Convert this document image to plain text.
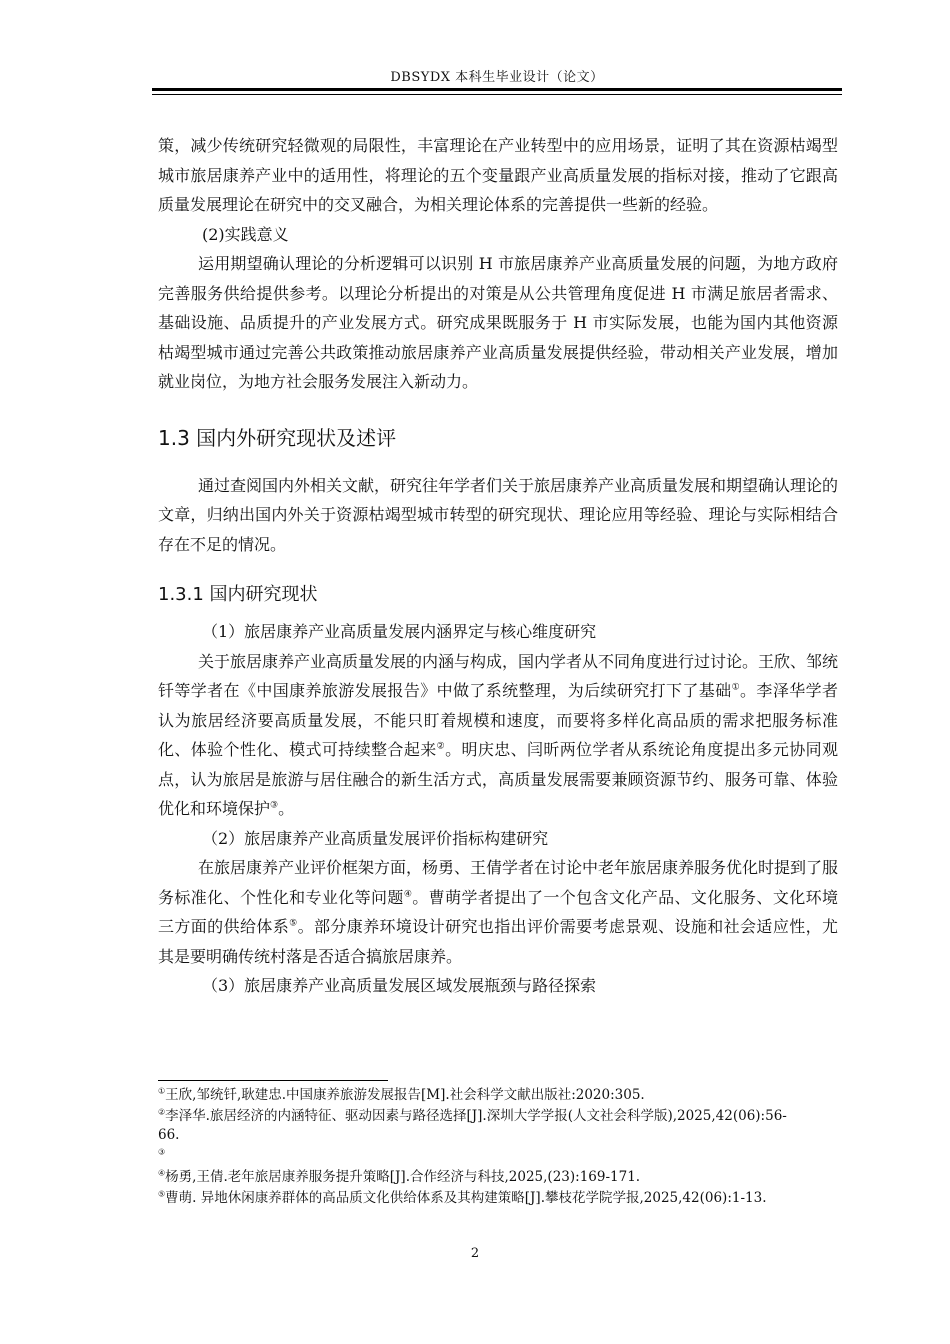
DBSYDX 本科生毕业设计（论文）

策，减少传统研究轻微观的局限性，丰富理论在产业转型中的应用场景，证明了其在资源枯竭型城市旅居康养产业中的适用性，将理论的五个变量跟产业高质量发展的指标对接，推动了它跟高质量发展理论在研究中的交叉融合，为相关理论体系的完善提供一些新的经验。

(2)实践意义

运用期望确认理论的分析逻辑可以识别 H 市旅居康养产业高质量发展的问题，为地方政府完善服务供给提供参考。以理论分析提出的对策是从公共管理角度促进 H 市满足旅居者需求、基础设施、品质提升的产业发展方式。研究成果既服务于 H 市实际发展，也能为国内其他资源枯竭型城市通过完善公共政策推动旅居康养产业高质量发展提供经验，带动相关产业发展，增加就业岗位，为地方社会服务发展注入新动力。

1.3 国内外研究现状及述评

通过查阅国内外相关文献，研究往年学者们关于旅居康养产业高质量发展和期望确认理论的文章，归纳出国内外关于资源枯竭型城市转型的研究现状、理论应用等经验、理论与实际相结合存在不足的情况。

1.3.1 国内研究现状

（1）旅居康养产业高质量发展内涵界定与核心维度研究

关于旅居康养产业高质量发展的内涵与构成，国内学者从不同角度进行过讨论。王欣、邹统钎等学者在《中国康养旅游发展报告》中做了系统整理，为后续研究打下了基础①。李泽华学者认为旅居经济要高质量发展，不能只盯着规模和速度，而要将多样化高品质的需求把服务标准化、体验个性化、模式可持续整合起来②。明庆忠、闫昕两位学者从系统论角度提出多元协同观点，认为旅居是旅游与居住融合的新生活方式，高质量发展需要兼顾资源节约、服务可靠、体验优化和环境保护③。

（2）旅居康养产业高质量发展评价指标构建研究

在旅居康养产业评价框架方面，杨勇、王倩学者在讨论中老年旅居康养服务优化时提到了服务标准化、个性化和专业化等问题④。曹萌学者提出了一个包含文化产品、文化服务、文化环境三方面的供给体系⑤。部分康养环境设计研究也指出评价需要考虑景观、设施和社会适应性，尤其是要明确传统村落是否适合搞旅居康养。

（3）旅居康养产业高质量发展区域发展瓶颈与路径探索

①王欣,邹统钎,耿建忠.中国康养旅游发展报告[M].社会科学文献出版社:2020:305.

②李泽华.旅居经济的内涵特征、驱动因素与路径选择[J].深圳大学学报(人文社会科学版),2025,42(06):56-66.

③

④杨勇,王倩.老年旅居康养服务提升策略[J].合作经济与科技,2025,(23):169-171.

⑤曹萌. 异地休闲康养群体的高品质文化供给体系及其构建策略[J].攀枝花学院学报,2025,42(06):1-13.

2
